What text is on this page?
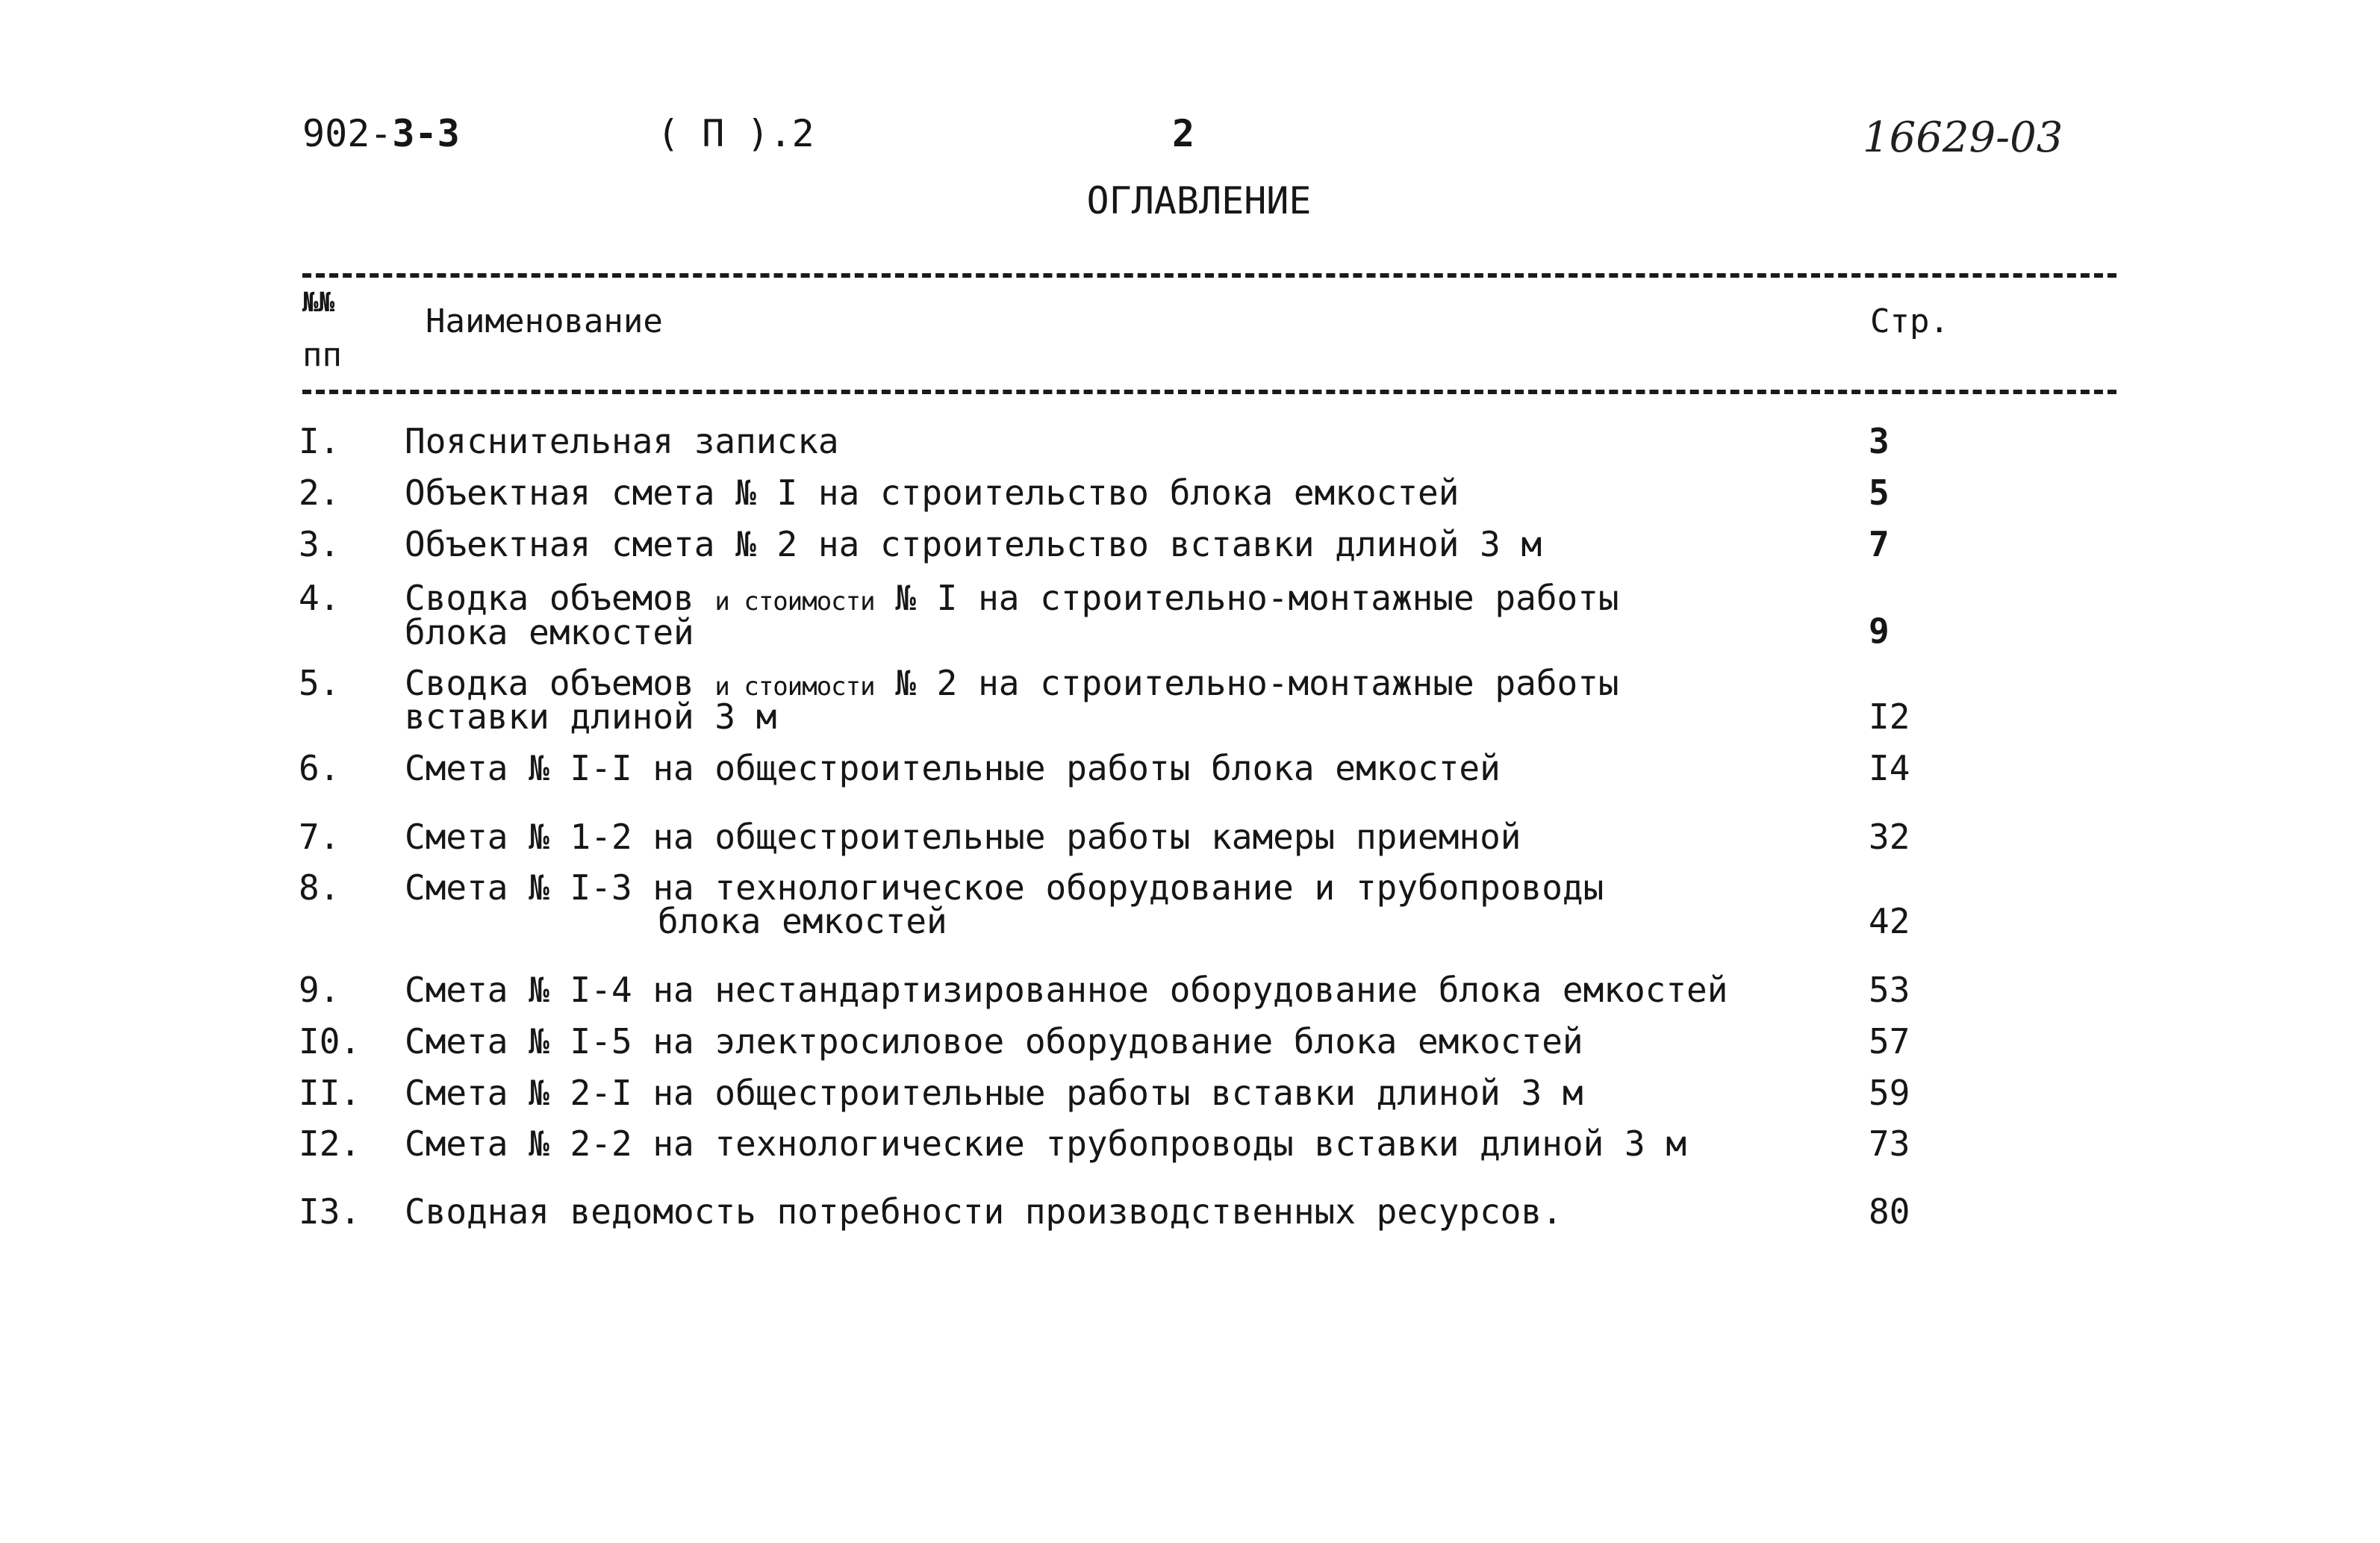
902-3-3	( П ).2	2	16629-03
ОГЛАВЛЕНИЕ
№№
пп
Наименование	Стр.
I. Пояснительная записка	3
2. Объектная смета № I на строительство блока емкостей	5
3. Объектная смета № 2 на строительство вставки длиной 3 м	7
4. Сводка объемов и стоимости № I на строительно-монтажные работы
блока емкостей	9
5. Сводка объемов и стоимости № 2 на строительно-монтажные работы
вставки длиной 3 м	I2
6. Смета № I-I на общестроительные работы блока емкостей	I4
7. Смета № 1-2 на общестроительные работы камеры приемной	32
8. Смета № I-3 на технологическое оборудование и трубопроводы
блока емкостей	42
9. Смета № I-4 на нестандартизированное оборудование блока емкостей	53
I0. Смета № I-5 на электросиловое оборудование блока емкостей	57
II. Смета № 2-I на общестроительные работы вставки длиной 3 м	59
I2. Смета № 2-2 на технологические трубопроводы вставки длиной 3 м	73
I3. Сводная ведомость потребности производственных ресурсов.	80
